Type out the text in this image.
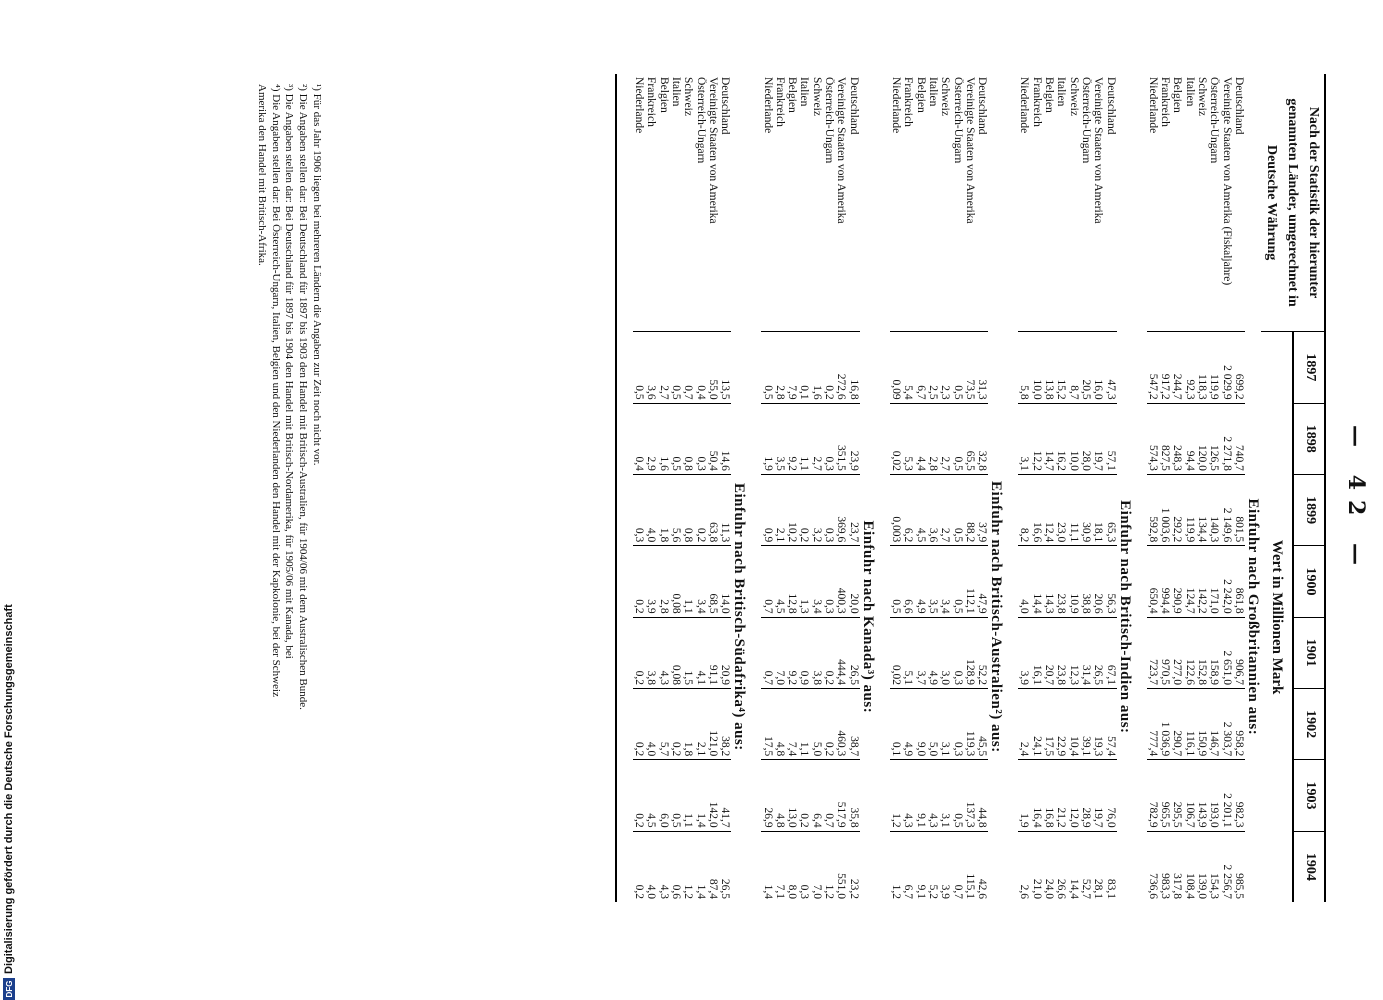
— 42 —
Nach der Statistik der hierunter genannten Länder, umgerechnet in Deutsche Währung	1897	1898	1899	1900	1901	1902	1903	1904
	Wert in Millionen Mark							
	Einfuhr nach Großbritannien aus:							
Deutschland	699,2	740,7	801,5	861,8	906,7	958,2	982,3	985,5
Vereinigte Staaten von Amerika (Fiskaljahre)	2 029,9	2 271,8	2 149,6	2 242,0	2 651,0	2 303,7	2 201,1	2 256,7
Österreich-Ungarn	119,9	126,5	140,3	171,0	158,9	146,7	193,0	154,3
Schweiz	118,3	120,0	134,4	142,2	152,8	150,9	143,9	139,0
Italien	92,3	94,4	119,9	124,7	122,6	116,1	106,7	108,4
Belgien	244,7	248,3	292,2	290,9	277,0	290,7	295,5	317,8
Frankreich	917,2	827,5	1 003,6	994,4	970,5	1 036,9	965,5	983,3
Niederlande	547,2	574,3	592,8	650,4	723,7	777,4	782,9	736,6

	Einfuhr nach Britisch-Indien aus:							
Deutschland	47,3	57,1	65,3	56,3	67,1	57,4	76,0	83,1
Vereinigte Staaten von Amerika	16,0	19,7	18,1	20,6	26,5	19,3	19,7	28,1
Österreich-Ungarn	20,5	28,0	30,9	38,8	31,4	39,1	28,9	52,7
Schweiz	8,7	10,0	11,1	10,9	12,3	10,4	12,0	14,4
Italien	15,2	16,2	23,0	23,8	23,8	22,9	21,2	26,6
Belgien	13,8	14,7	12,4	14,3	20,7	17,5	16,8	24,0
Frankreich	10,0	12,2	16,6	14,4	16,1	24,1	16,4	21,0
Niederlande	5,8	3,1	8,2	4,0	3,9	2,4	1,9	2,6

	Einfuhr nach Britisch-Australien²) aus:							
Deutschland	31,3	32,8	37,9	47,9	52,2	45,5	44,8	42,6
Vereinigte Staaten von Amerika	73,5	65,5	88,2	112,1	128,9	119,3	137,3	115,1
Österreich-Ungarn	0,5	0,5	0,5	0,5	0,3	0,3	0,5	0,7
Schweiz	2,3	2,7	2,7	3,4	3,0	3,1	3,1	3,9
Italien	2,5	2,8	3,6	3,5	4,9	5,0	4,3	5,2
Belgien	6,7	4,4	4,5	4,9	3,7	9,0	9,1	9,1
Frankreich	5,4	5,3	6,2	6,6	5,1	4,9	4,3	6,7
Niederlande	0,09	0,02	0,003	0,5	0,02	0,1	1,2	1,2

	Einfuhr nach Kanada³) aus:							
Deutschland	16,8	23,9	23,7	20,0	26,5	38,7	35,8	23,2
Vereinigte Staaten von Amerika	272,6	351,5	369,6	400,3	444,4	460,3	517,9	551,0
Österreich-Ungarn	0,2	0,3	0,3	0,3	0,2	0,2	0,7	1,2
Schweiz	1,6	2,7	3,2	3,4	3,8	5,0	6,4	7,0
Italien	0,1	1,1	0,2	1,3	0,9	1,1	0,2	0,3
Belgien	7,9	9,2	10,2	12,8	9,2	7,4	13,0	8,0
Frankreich	2,8	3,5	2,1	4,5	7,0	4,8	4,8	7,1
Niederlande	0,5	1,9	0,9	0,7	0,7	17,5	26,9	1,4

	Einfuhr nach Britisch-Südafrika⁴) aus:							
Deutschland	13,5	14,6	11,3	14,0	20,9	38,2	41,7	26,5
Vereinigte Staaten von Amerika	55,0	50,4	63,8	68,5	91,1	121,0	142,0	87,4
Österreich-Ungarn	0,4	0,3	0,2	3,4	4,1	2,1	1,4	1,4
Schweiz	0,7	0,8	0,8	1,1	1,5	1,8	1,1	1,2
Italien	0,5	0,5	5,6	0,08	0,08	0,2	0,5	0,6
Belgien	2,7	1,6	1,8	2,8	4,3	5,7	6,0	4,3
Frankreich	3,6	2,9	4,0	3,9	3,8	4,0	4,5	4,0
Niederlande	0,5	0,4	0,3	0,2	0,2	0,2	0,2	0,2

¹) Für das Jahr 1906 liegen bei mehreren Ländern die Angaben zur Zeit noch nicht vor.
²) Die Angaben stellen dar: Bei Deutschland für 1897 bis 1903 den Handel mit Britisch-Australien, für 1904/06 mit dem Australischen Bunde.
³) Die Angaben stellen dar: Bei Deutschland für 1897 bis 1904 den Handel mit Britisch-Nordamerika, für 1905/06 mit Kanada, bei
⁴) Die Angaben stellen dar: Bei Österreich-Ungarn, Italien, Belgien und den Niederlanden den Handel mit der Kapkolonie, bei der Schweiz
Amerika den Handel mit Britisch-Afrika.
DFG
Digitalisierung gefördert durch die Deutsche Forschungsgemeinschaft
